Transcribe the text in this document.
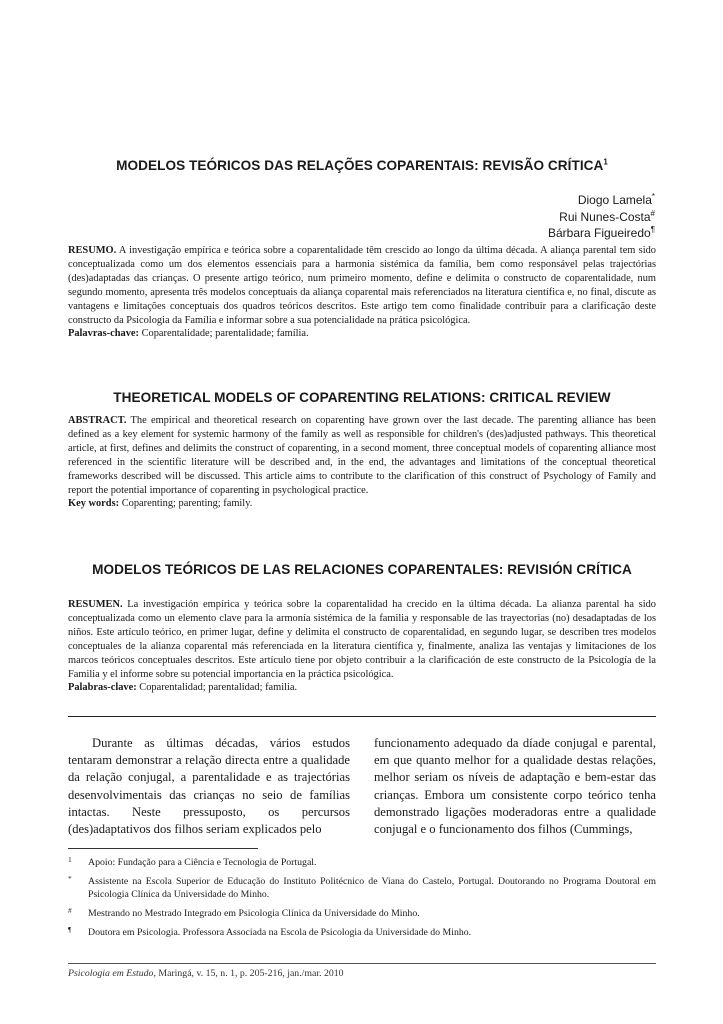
MODELOS TEÓRICOS DAS RELAÇÕES COPARENTAIS: REVISÃO CRÍTICA$^1$
Diogo Lamela*
Rui Nunes-Costa#
Bárbara Figueiredo¶

RESUMO. A investigação empírica e teórica sobre a coparentalidade têm crescido ao longo da última década. A aliança parental tem sido conceptualizada como um dos elementos essenciais para a harmonia sistémica da família, bem como responsável pelas trajectórias (des)adaptadas das crianças. O presente artigo teórico, num primeiro momento, define e delimita o constructo de coparentalidade, num segundo momento, apresenta três modelos conceptuais da aliança coparental mais referenciados na literatura científica e, no final, discute as vantagens e limitações conceptuais dos quadros teóricos descritos. Este artigo tem como finalidade contribuir para a clarificação deste constructo da Psicologia da Família e informar sobre a sua potencialidade na prática psicológica.

Palavras-chave: Coparentalidade; parentalidade; família.

THEORETICAL MODELS OF COPARENTING RELATIONS: CRITICAL REVIEW

ABSTRACT. The empirical and theoretical research on coparenting have grown over the last decade. The parenting alliance has been defined as a key element for systemic harmony of the family as well as responsible for children's (des)adjusted pathways. This theoretical article, at first, defines and delimits the construct of coparenting, in a second moment, three conceptual models of coparenting alliance most referenced in the scientific literature will be described and, in the end, the advantages and limitations of the conceptual theoretical frameworks described will be discussed. This article aims to contribute to the clarification of this construct of Psychology of Family and report the potential importance of coparenting in psychological practice.

Key words: Coparenting; parenting; family.

MODELOS TEÓRICOS DE LAS RELACIONES COPARENTALES: REVISIÓN CRÍTICA

RESUMEN. La investigación empírica y teórica sobre la coparentalidad ha crecido en la última década. La alianza parental ha sido conceptualizada como un elemento clave para la armonía sistémica de la familia y responsable de las trayectorias (no) desadaptadas de los niños. Este artículo teórico, en primer lugar, define y delimita el constructo de coparentalidad, en segundo lugar, se describen tres modelos conceptuales de la alianza coparental más referenciada en la literatura científica y, finalmente, analiza las ventajas y limitaciones de los marcos teóricos conceptuales descritos. Este artículo tiene por objeto contribuir a la clarificación de este constructo de la Psicología de la Familia y el informe sobre su potencial importancia en la práctica psicológica.

Palabras-clave: Coparentalidad; parentalidad; familia.

Durante as últimas décadas, vários estudos tentaram demonstrar a relação directa entre a qualidade da relação conjugal, a parentalidade e as trajectórias desenvolvimentais das crianças no seio de famílias intactas. Neste pressuposto, os percursos (des)adaptativos dos filhos seriam explicados pelo

funcionamento adequado da díade conjugal e parental, em que quanto melhor for a qualidade destas relações, melhor seriam os níveis de adaptação e bem-estar das crianças. Embora um consistente corpo teórico tenha demonstrado ligações moderadoras entre a qualidade conjugal e o funcionamento dos filhos (Cummings,

1 Apoio: Fundação para a Ciência e Tecnologia de Portugal.
* Assistente na Escola Superior de Educação do Instituto Politécnico de Viana do Castelo, Portugal. Doutorando no Programa Doutoral em Psicologia Clínica da Universidade do Minho.
# Mestrando no Mestrado Integrado em Psicologia Clínica da Universidade do Minho.
¶ Doutora em Psicologia. Professora Associada na Escola de Psicologia da Universidade do Minho.
Psicologia em Estudo, Maringá, v. 15, n. 1, p. 205-216, jan./mar. 2010
